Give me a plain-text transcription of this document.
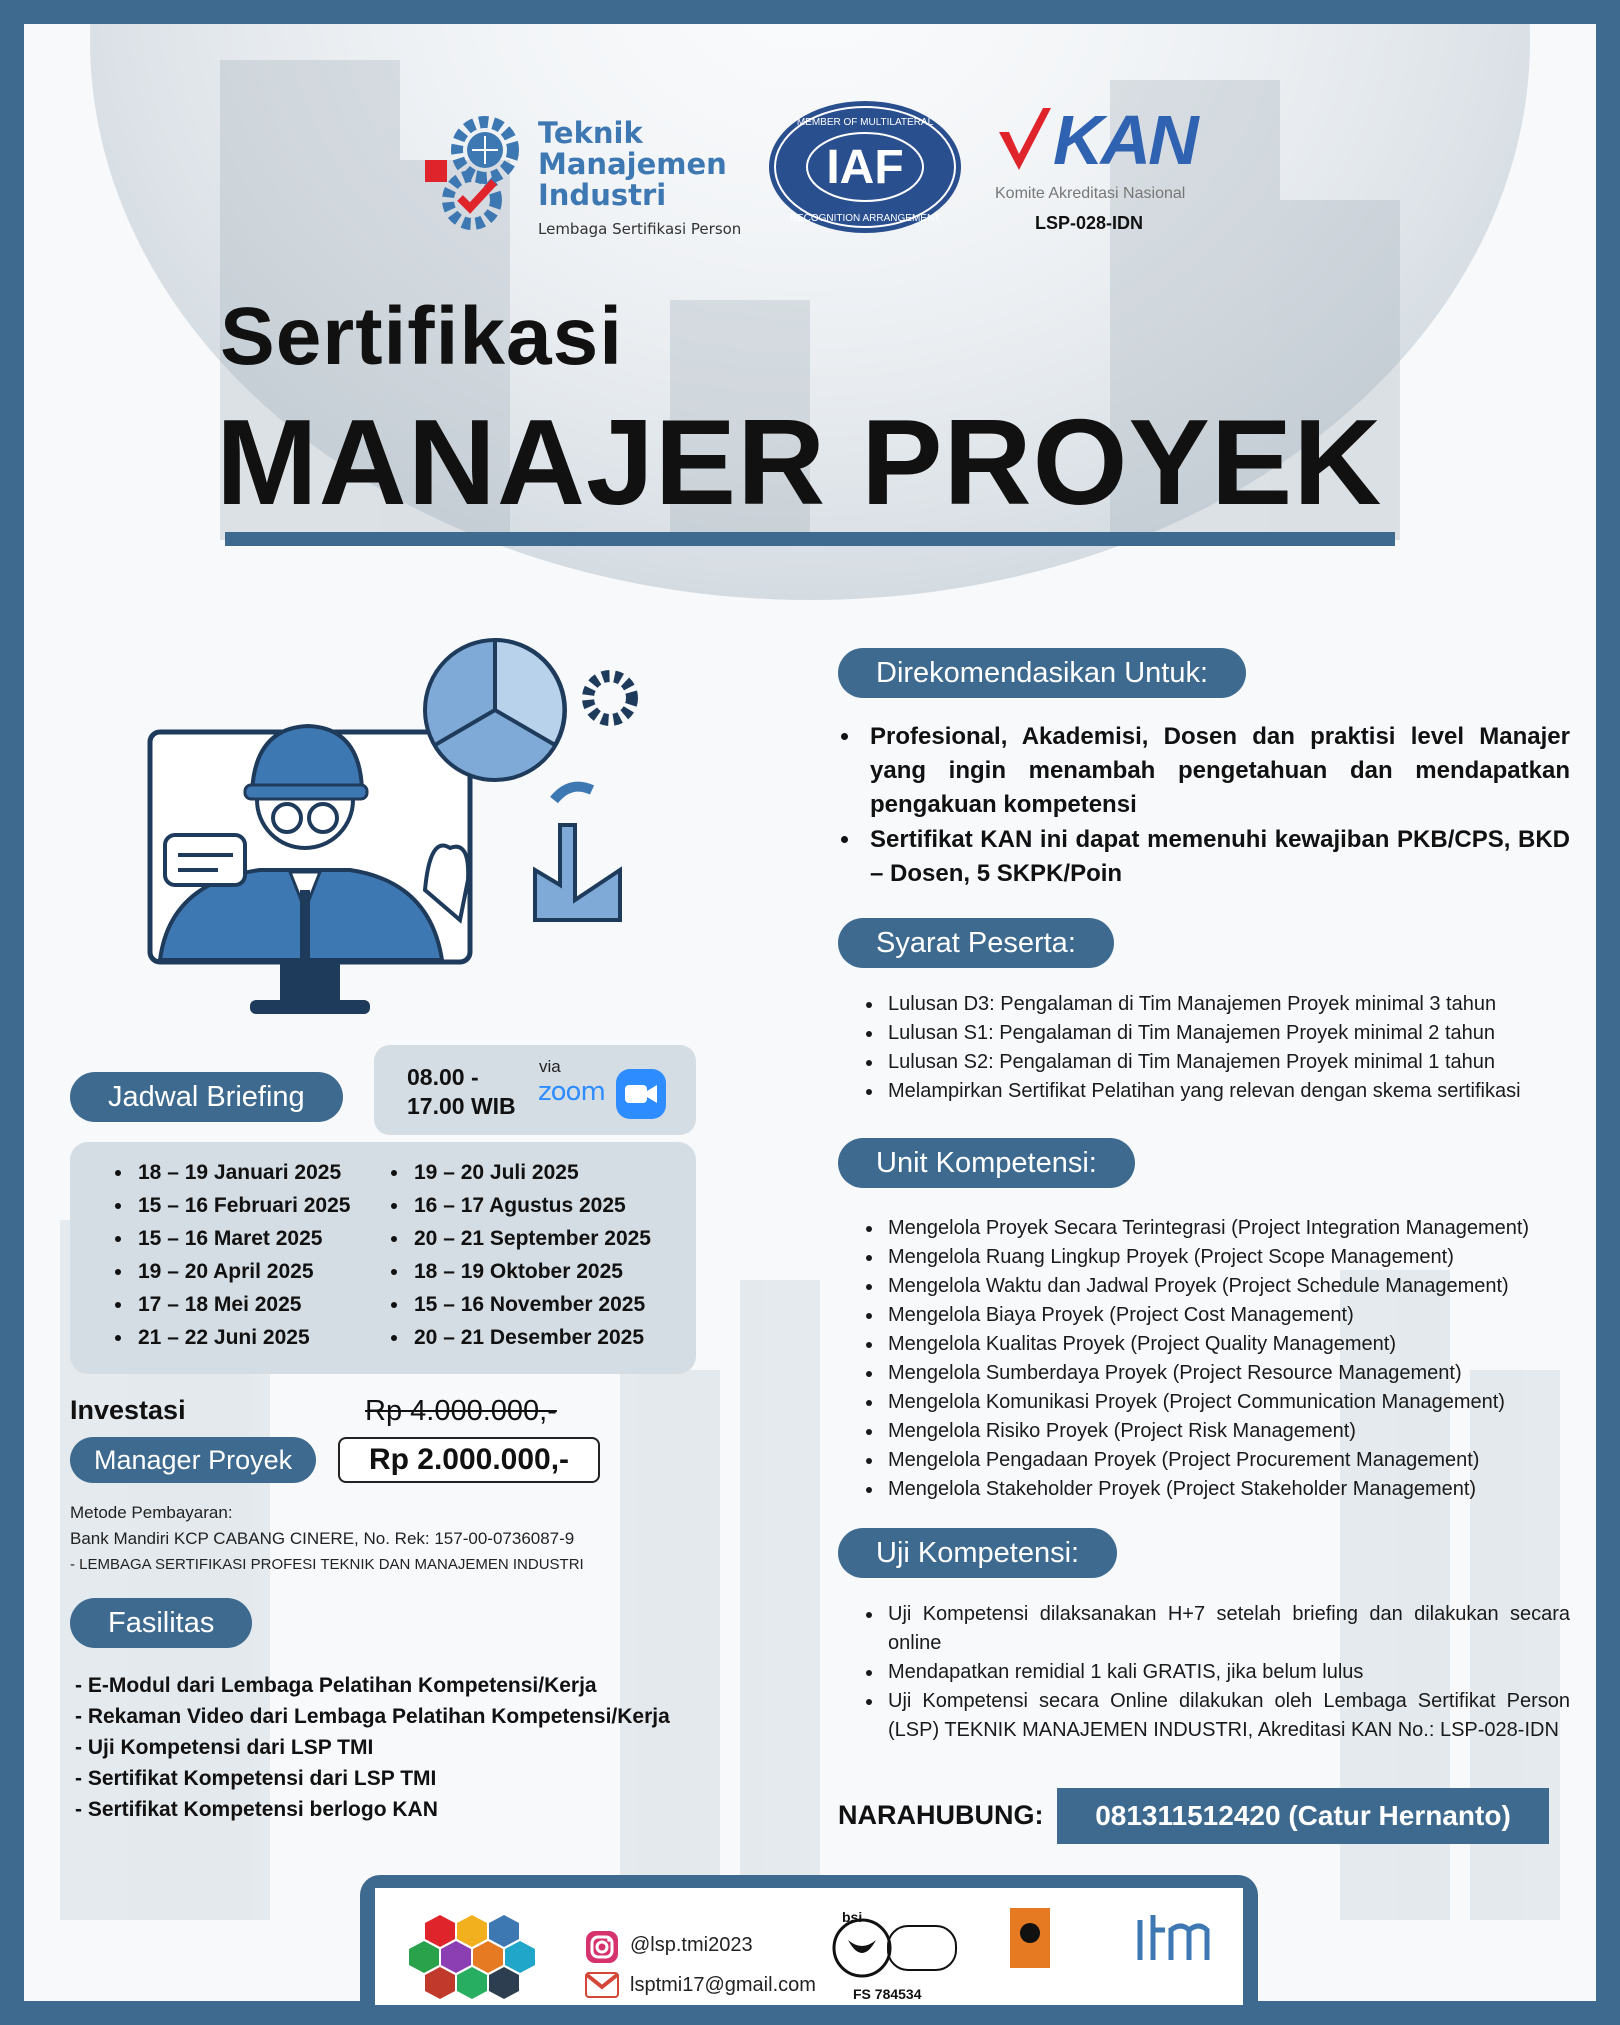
Teknik
Manajemen
Industri
Lembaga Sertifikasi Person
IAF
MEMBER OF MULTILATERAL
RECOGNITION ARRANGEMENT
KAN
Komite Akreditasi Nasional
LSP-028-IDN
Sertifikasi
MANAJER PROYEK
Direkomendasikan Untuk:
• Profesional, Akademisi, Dosen dan praktisi level Manajer yang ingin menambah pengetahuan dan mendapatkan pengakuan kompetensi
• Sertifikat KAN ini dapat memenuhi kewajiban PKB/CPS, BKD – Dosen, 5 SKPK/Poin
Syarat Peserta:
• Lulusan D3: Pengalaman di Tim Manajemen Proyek minimal 3 tahun
• Lulusan S1: Pengalaman di Tim Manajemen Proyek minimal 2 tahun
• Lulusan S2: Pengalaman di Tim Manajemen Proyek minimal 1 tahun
• Melampirkan Sertifikat Pelatihan yang relevan dengan skema sertifikasi
Unit Kompetensi:
• Mengelola Proyek Secara Terintegrasi (Project Integration Management)
• Mengelola Ruang Lingkup Proyek (Project Scope Management)
• Mengelola Waktu dan Jadwal Proyek (Project Schedule Management)
• Mengelola Biaya Proyek (Project Cost Management)
• Mengelola Kualitas Proyek (Project Quality Management)
• Mengelola Sumberdaya Proyek (Project Resource Management)
• Mengelola Komunikasi Proyek (Project Communication Management)
• Mengelola Risiko Proyek (Project Risk Management)
• Mengelola Pengadaan Proyek (Project Procurement Management)
• Mengelola Stakeholder Proyek (Project Stakeholder Management)
Uji Kompetensi:
• Uji Kompetensi dilaksanakan H+7 setelah briefing dan dilakukan secara online
• Mendapatkan remidial 1 kali GRATIS, jika belum lulus
• Uji Kompetensi secara Online dilakukan oleh Lembaga Sertifikat Person (LSP) TEKNIK MANAJEMEN INDUSTRI, Akreditasi KAN No.: LSP-028-IDN
NARAHUBUNG:	081311512420 (Catur Hernanto)
Jadwal Briefing
08.00 -
17.00 WIB
via
zoom
• 18 – 19 Januari 2025
• 15 – 16 Februari 2025
• 15 – 16 Maret 2025
• 19 – 20 April 2025
• 17 – 18 Mei 2025
• 21 – 22 Juni 2025
• 19 – 20 Juli 2025
• 16 – 17 Agustus 2025
• 20 – 21 September 2025
• 18 – 19 Oktober 2025
• 15 – 16 November 2025
• 20 – 21 Desember 2025
Investasi	Rp 4.000.000,-
Manager Proyek	Rp 2.000.000,-
Metode Pembayaran:
Bank Mandiri KCP CABANG CINERE, No. Rek: 157-00-0736087-9
- LEMBAGA SERTIFIKASI PROFESI TEKNIK DAN MANAJEMEN INDUSTRI
Fasilitas
- E-Modul dari Lembaga Pelatihan Kompetensi/Kerja
- Rekaman Video dari Lembaga Pelatihan Kompetensi/Kerja
- Uji Kompetensi dari LSP TMI
- Sertifikat Kompetensi dari LSP TMI
- Sertifikat Kompetensi berlogo KAN
@lsp.tmi2023
lsptmi17@gmail.com
bsi
FS 784534
